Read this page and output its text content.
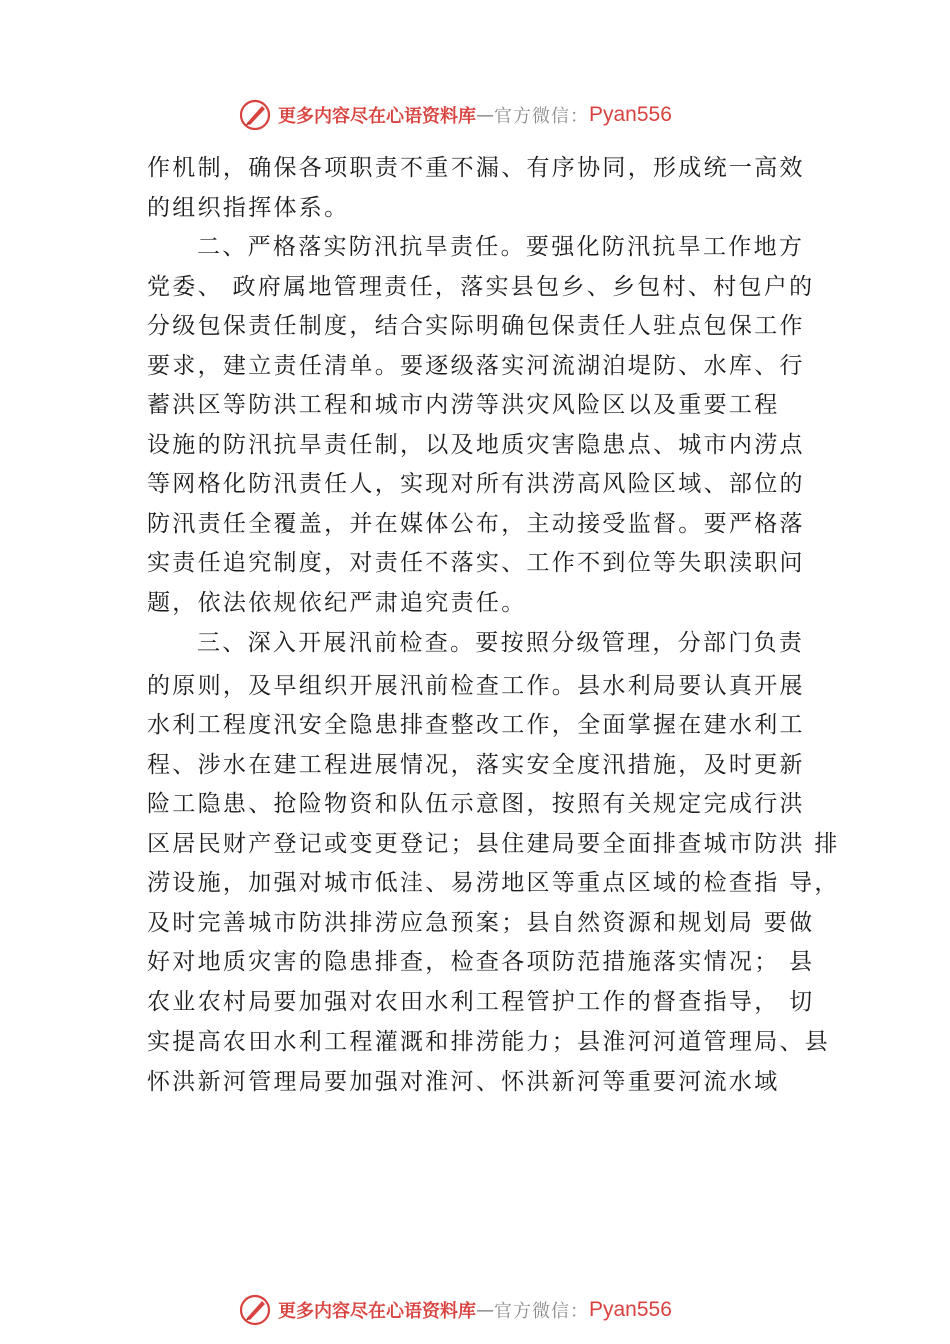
更多内容尽在心语资料库 — 官方微信： Pyan556
作机制，确保各项职责不重不漏、有序协同，形成统一高效
的组织指挥体系。
二、严格落实防汛抗旱责任。要强化防汛抗旱工作地方
党委、 政府属地管理责任，落实县包乡、乡包村、村包户的
分级包保责任制度，结合实际明确包保责任人驻点包保工作
要求，建立责任清单。要逐级落实河流湖泊堤防、水库、行
蓄洪区等防洪工程和城市内涝等洪灾风险区以及重要工程
设施的防汛抗旱责任制，以及地质灾害隐患点、城市内涝点
等网格化防汛责任人，实现对所有洪涝高风险区域、部位的
防汛责任全覆盖，并在媒体公布，主动接受监督。要严格落
实责任追究制度，对责任不落实、工作不到位等失职渎职问
题，依法依规依纪严肃追究责任。
三、深入开展汛前检查。要按照分级管理，分部门负责
的原则，及早组织开展汛前检查工作。县水利局要认真开展
水利工程度汛安全隐患排查整改工作，全面掌握在建水利工
程、涉水在建工程进展情况，落实安全度汛措施，及时更新
险工隐患、抢险物资和队伍示意图，按照有关规定完成行洪
区居民财产登记或变更登记；县住建局要全面排查城市防洪 排
涝设施，加强对城市低洼、易涝地区等重点区域的检查指 导，
及时完善城市防洪排涝应急预案；县自然资源和规划局 要做
好对地质灾害的隐患排查，检查各项防范措施落实情况； 县
农业农村局要加强对农田水利工程管护工作的督查指导， 切
实提高农田水利工程灌溉和排涝能力；县淮河河道管理局、县
怀洪新河管理局要加强对淮河、怀洪新河等重要河流水域
更多内容尽在心语资料库 — 官方微信： Pyan556
